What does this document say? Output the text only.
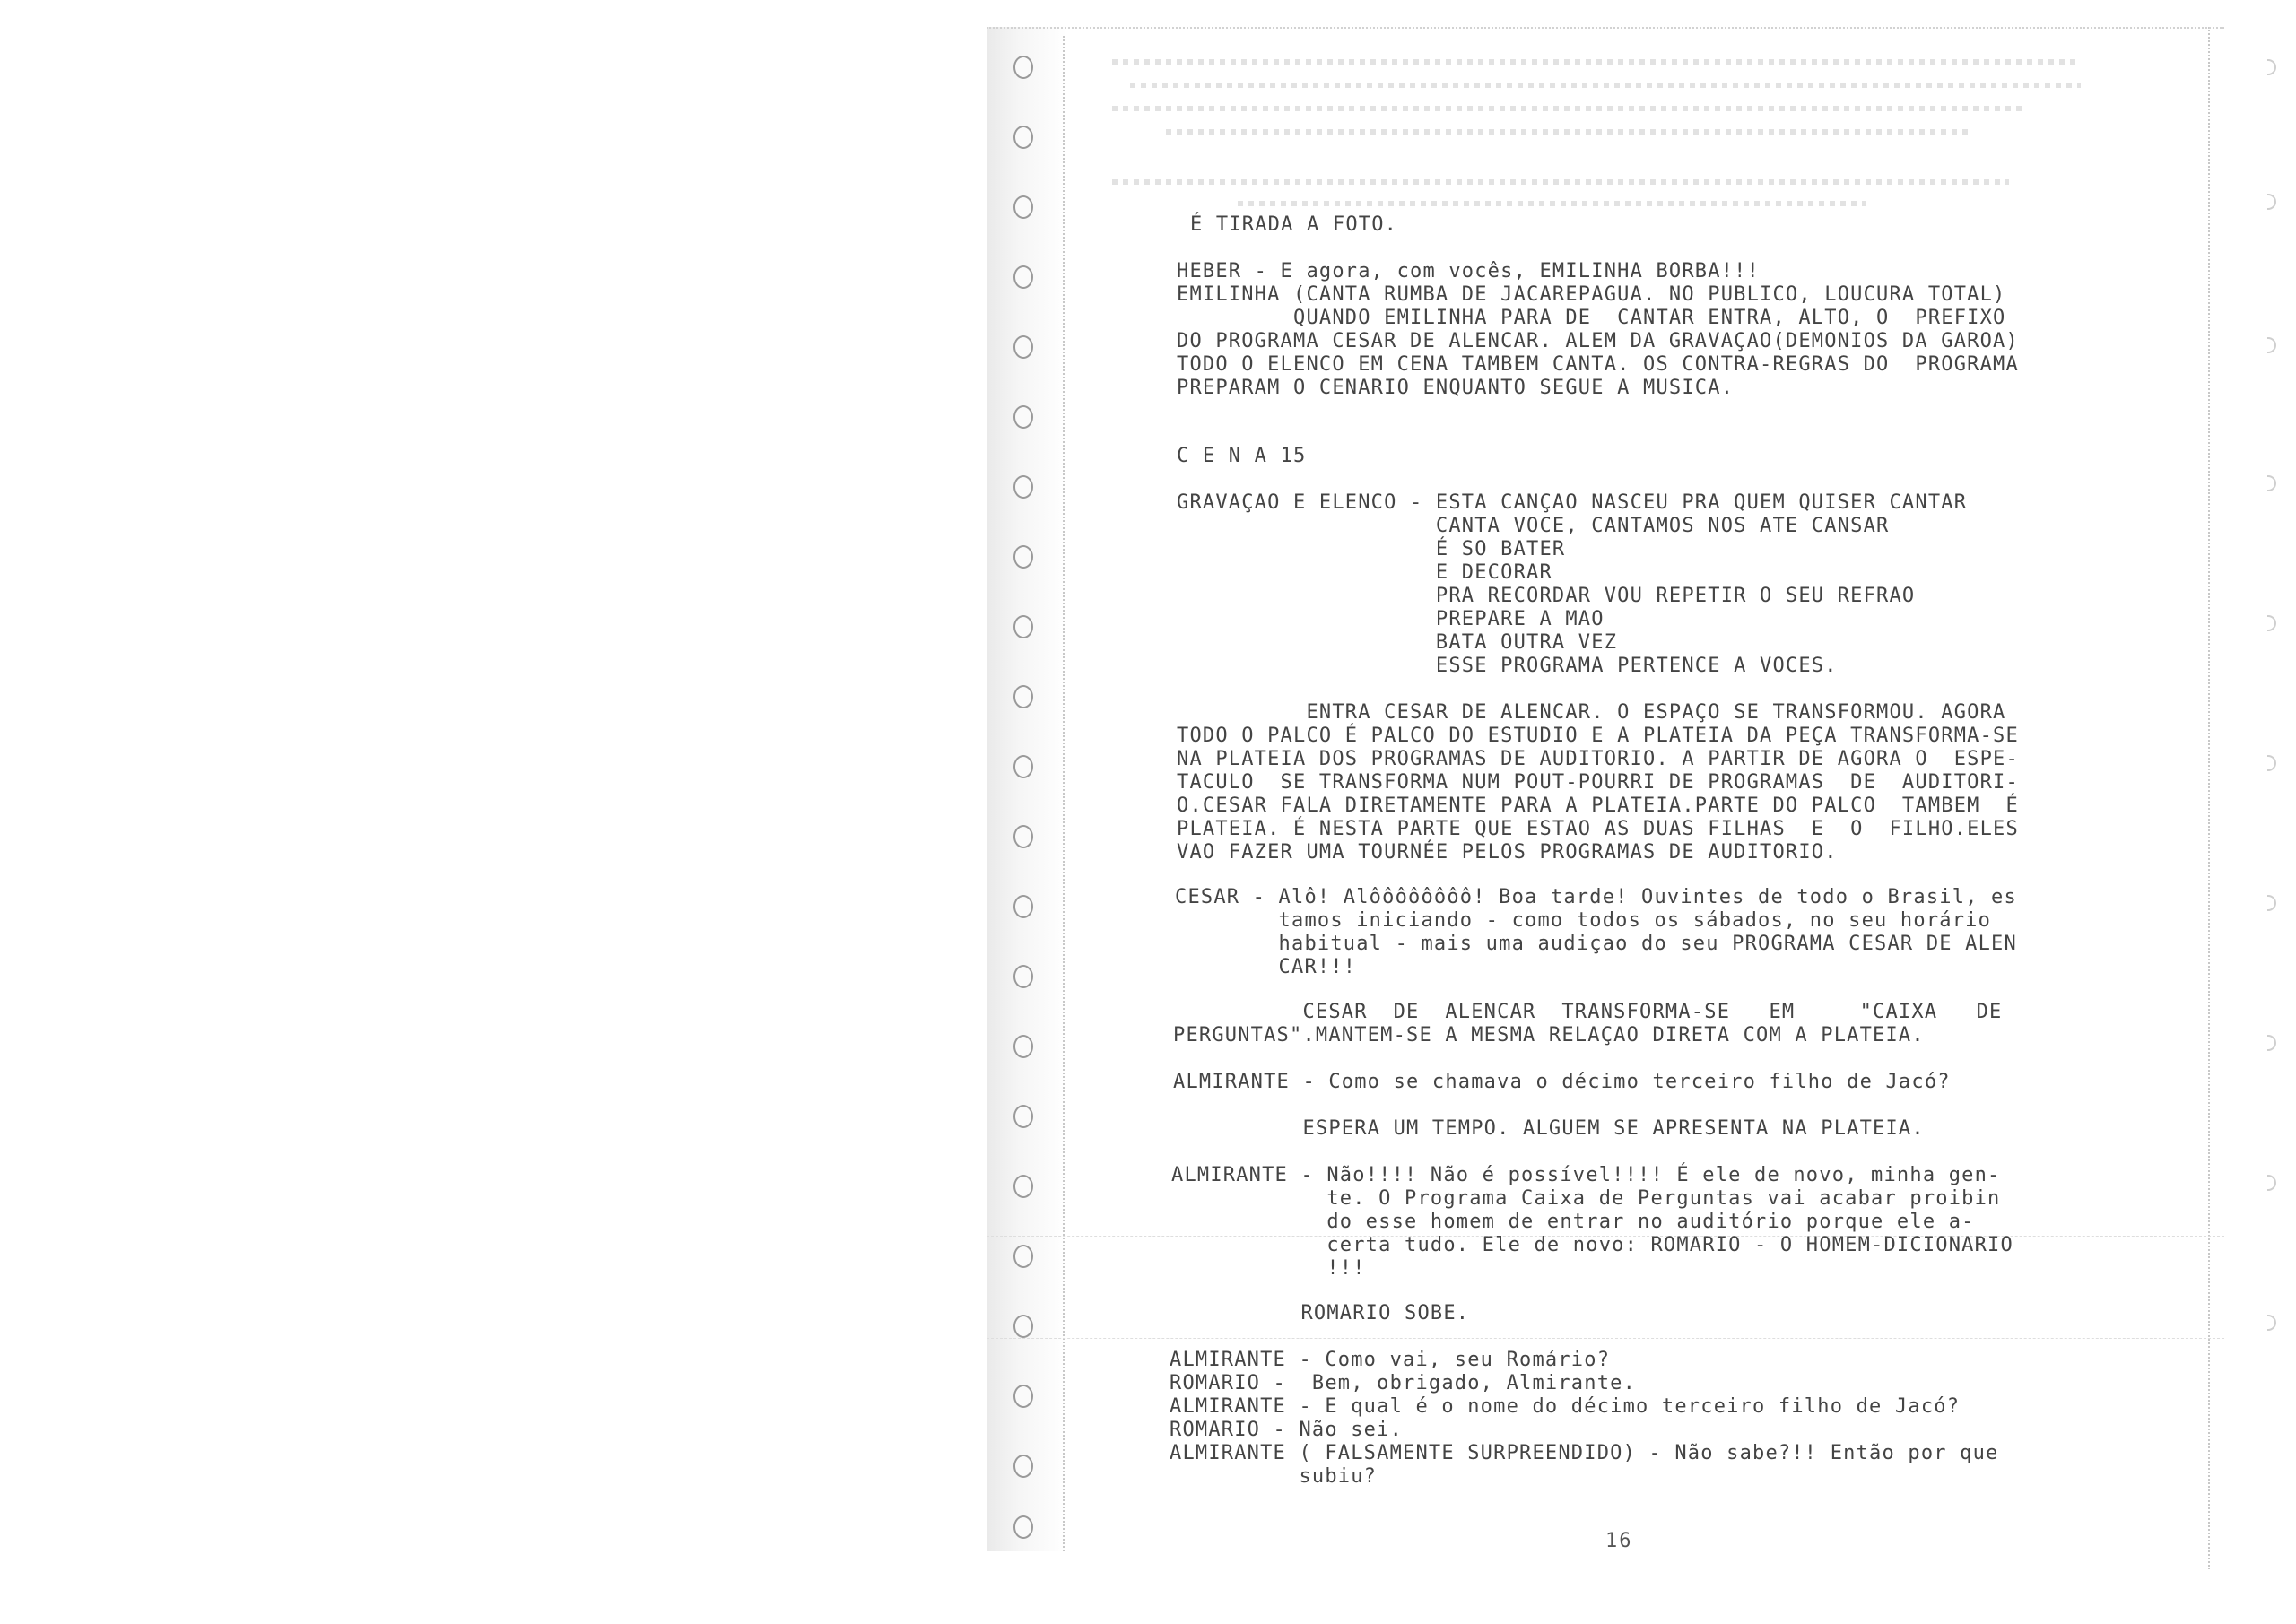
É TIRADA A FOTO.
HEBER - E agora, com vocês, EMILINHA BORBA!!!
EMILINHA (CANTA RUMBA DE JACAREPAGUA. NO PUBLICO, LOUCURA TOTAL)
QUANDO EMILINHA PARA DE  CANTAR ENTRA, ALTO, O  PREFIXO
DO PROGRAMA CESAR DE ALENCAR. ALEM DA GRAVAÇAO(DEMONIOS DA GAROA)
TODO O ELENCO EM CENA TAMBEM CANTA. OS CONTRA-REGRAS DO  PROGRAMA
PREPARAM O CENARIO ENQUANTO SEGUE A MUSICA.
C E N A 15
GRAVAÇAO E ELENCO - ESTA CANÇAO NASCEU PRA QUEM QUISER CANTAR
CANTA VOCE, CANTAMOS NOS ATE CANSAR
É SO BATER
E DECORAR
PRA RECORDAR VOU REPETIR O SEU REFRAO
PREPARE A MAO
BATA OUTRA VEZ
ESSE PROGRAMA PERTENCE A VOCES.
ENTRA CESAR DE ALENCAR. O ESPAÇO SE TRANSFORMOU. AGORA
TODO O PALCO É PALCO DO ESTUDIO E A PLATEIA DA PEÇA TRANSFORMA-SE
NA PLATEIA DOS PROGRAMAS DE AUDITORIO. A PARTIR DE AGORA O  ESPE-
TACULO  SE TRANSFORMA NUM POUT-POURRI DE PROGRAMAS  DE  AUDITORI-
O.CESAR FALA DIRETAMENTE PARA A PLATEIA.PARTE DO PALCO  TAMBEM  É
PLATEIA. É NESTA PARTE QUE ESTAO AS DUAS FILHAS  E  O  FILHO.ELES
VAO FAZER UMA TOURNÉE PELOS PROGRAMAS DE AUDITORIO.
CESAR - Alô! Alôôôôôôôô! Boa tarde! Ouvintes de todo o Brasil, es
tamos iniciando - como todos os sábados, no seu horário
habitual - mais uma audiçao do seu PROGRAMA CESAR DE ALEN
CAR!!!
CESAR  DE  ALENCAR  TRANSFORMA-SE   EM     "CAIXA   DE
PERGUNTAS".MANTEM-SE A MESMA RELAÇAO DIRETA COM A PLATEIA.
ALMIRANTE - Como se chamava o décimo terceiro filho de Jacó?
ESPERA UM TEMPO. ALGUEM SE APRESENTA NA PLATEIA.
ALMIRANTE - Não!!!! Não é possível!!!! É ele de novo, minha gen-
te. O Programa Caixa de Perguntas vai acabar proibin
do esse homem de entrar no auditório porque ele a-
certa tudo. Ele de novo: ROMARIO - O HOMEM-DICIONARIO
!!!
ROMARIO SOBE.
ALMIRANTE - Como vai, seu Romário?
ROMARIO -  Bem, obrigado, Almirante.
ALMIRANTE - E qual é o nome do décimo terceiro filho de Jacó?
ROMARIO - Não sei.
ALMIRANTE ( FALSAMENTE SURPREENDIDO) - Não sabe?!! Então por que
subiu?
16
